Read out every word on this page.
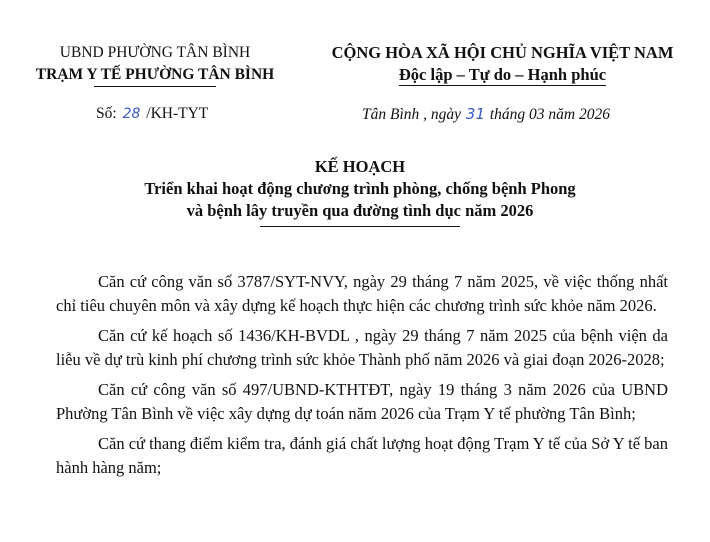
UBND PHƯỜNG TÂN BÌNH
TRẠM Y TẾ PHƯỜNG TÂN BÌNH
CỘNG HÒA XÃ HỘI CHỦ NGHĨA VIỆT NAM
Độc lập – Tự do – Hạnh phúc
Số: 28 /KH-TYT	Tân Bình , ngày 31 tháng 03 năm 2026
KẾ HOẠCH
Triển khai hoạt động chương trình phòng, chống bệnh Phong
và bệnh lây truyền qua đường tình dục năm 2026

Căn cứ công văn số 3787/SYT-NVY, ngày 29 tháng 7 năm 2025, về việc thống nhất chỉ tiêu chuyên môn và xây dựng kế hoạch thực hiện các chương trình sức khỏe năm 2026.

Căn cứ kế hoạch số 1436/KH-BVDL , ngày 29 tháng 7 năm 2025 của bệnh viện da liễu về dự trù kinh phí chương trình sức khỏe Thành phố năm 2026 và giai đoạn 2026-2028;

Căn cứ công văn số 497/UBND-KTHTĐT, ngày 19 tháng 3 năm 2026 của UBND Phường Tân Bình về việc xây dựng dự toán năm 2026 của Trạm Y tế phường Tân Bình;

Căn cứ thang điểm kiểm tra, đánh giá chất lượng hoạt động Trạm Y tế của Sở Y tế ban hành hàng năm;
